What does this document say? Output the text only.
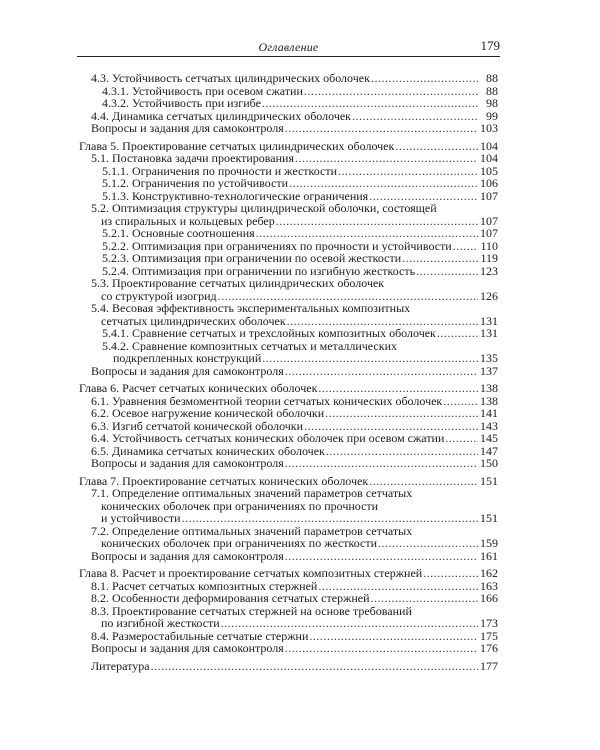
Оглавление	179
4.3. Устойчивость сетчатых цилиндрических оболочек .....	88
4.3.1. Устойчивость при осевом сжатии .....	88
4.3.2. Устойчивость при изгибе .....	98
4.4. Динамика сетчатых цилиндрических оболочек .....	99
Вопросы и задания для самоконтроля .....	103
Глава 5. Проектирование сетчатых цилиндрических оболочек .....	104
5.1. Постановка задачи проектирования .....	104
5.1.1. Ограничения по прочности и жесткости .....	105
5.1.2. Ограничения по устойчивости .....	106
5.1.3. Конструктивно-технологические ограничения .....	107
5.2. Оптимизация структуры цилиндрической оболочки, состоящей
из спиральных и кольцевых ребер .....	107
5.2.1. Основные соотношения .....	107
5.2.2. Оптимизация при ограничениях по прочности и устойчивости ..... 110
5.2.3. Оптимизация при ограничении по осевой жесткости .....	119
5.2.4. Оптимизация при ограничении по изгибную жесткость .....	123
5.3. Проектирование сетчатых цилиндрических оболочек
со структурой изогрид .....	126
5.4. Весовая эффективность экспериментальных композитных
сетчатых цилиндрических оболочек .....	131
5.4.1. Сравнение сетчатых и трехслойных композитных оболочек .....	131
5.4.2. Сравнение композитных сетчатых и металлических
подкрепленных конструкций .....	135
Вопросы и задания для самоконтроля .....	137
Глава 6. Расчет сетчатых конических оболочек .....	138
6.1. Уравнения безмоментной теории сетчатых конических оболочек .....	138
6.2. Осевое нагружение конической оболочки .....	141
6.3. Изгиб сетчатой конической оболочки .....	143
6.4. Устойчивость сетчатых конических оболочек при осевом сжатии .....	145
6.5. Динамика сетчатых конических оболочек .....	147
Вопросы и задания для самоконтроля .....	150
Глава 7. Проектирование сетчатых конических оболочек .....	151
7.1. Определение оптимальных значений параметров сетчатых
конических оболочек при ограничениях по прочности
и устойчивости .....	151
7.2. Определение оптимальных значений параметров сетчатых
конических оболочек при ограничениях по жесткости .....	159
Вопросы и задания для самоконтроля .....	161
Глава 8. Расчет и проектирование сетчатых композитных стержней .....	162
8.1. Расчет сетчатых композитных стержней .....	163
8.2. Особенности деформирования сетчатых стержней .....	166
8.3. Проектирование сетчатых стержней на основе требований
по изгибной жесткости .....	173
8.4. Размеростабильные сетчатые стержни .....	175
Вопросы и задания для самоконтроля .....	176
Литература .....	177
